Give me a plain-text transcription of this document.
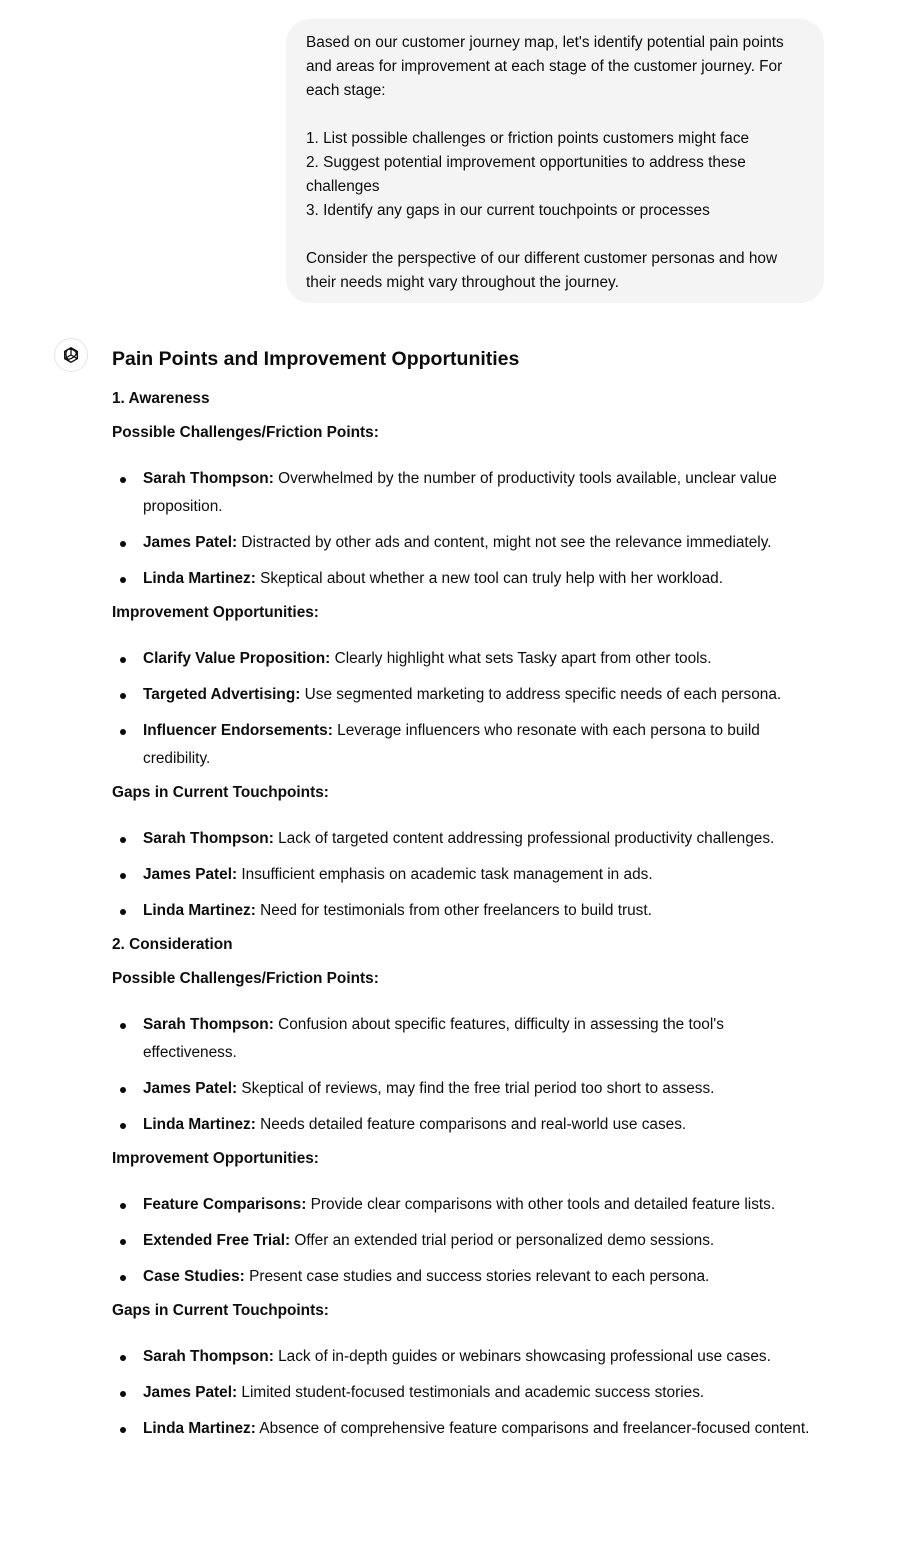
Based on our customer journey map, let's identify potential pain points and areas for improvement at each stage of the customer journey. For each stage:

1. List possible challenges or friction points customers might face

2. Suggest potential improvement opportunities to address these challenges

3. Identify any gaps in our current touchpoints or processes

Consider the perspective of our different customer personas and how their needs might vary throughout the journey.

Pain Points and Improvement Opportunities
1. Awareness
Possible Challenges/Friction Points:
Sarah Thompson: Overwhelmed by the number of productivity tools available, unclear value proposition.
James Patel: Distracted by other ads and content, might not see the relevance immediately.
Linda Martinez: Skeptical about whether a new tool can truly help with her workload.
Improvement Opportunities:
Clarify Value Proposition: Clearly highlight what sets Tasky apart from other tools.
Targeted Advertising: Use segmented marketing to address specific needs of each persona.
Influencer Endorsements: Leverage influencers who resonate with each persona to build credibility.
Gaps in Current Touchpoints:
Sarah Thompson: Lack of targeted content addressing professional productivity challenges.
James Patel: Insufficient emphasis on academic task management in ads.
Linda Martinez: Need for testimonials from other freelancers to build trust.
2. Consideration
Possible Challenges/Friction Points:
Sarah Thompson: Confusion about specific features, difficulty in assessing the tool's effectiveness.
James Patel: Skeptical of reviews, may find the free trial period too short to assess.
Linda Martinez: Needs detailed feature comparisons and real-world use cases.
Improvement Opportunities:
Feature Comparisons: Provide clear comparisons with other tools and detailed feature lists.
Extended Free Trial: Offer an extended trial period or personalized demo sessions.
Case Studies: Present case studies and success stories relevant to each persona.
Gaps in Current Touchpoints:
Sarah Thompson: Lack of in-depth guides or webinars showcasing professional use cases.
James Patel: Limited student-focused testimonials and academic success stories.
Linda Martinez: Absence of comprehensive feature comparisons and freelancer-focused content.
